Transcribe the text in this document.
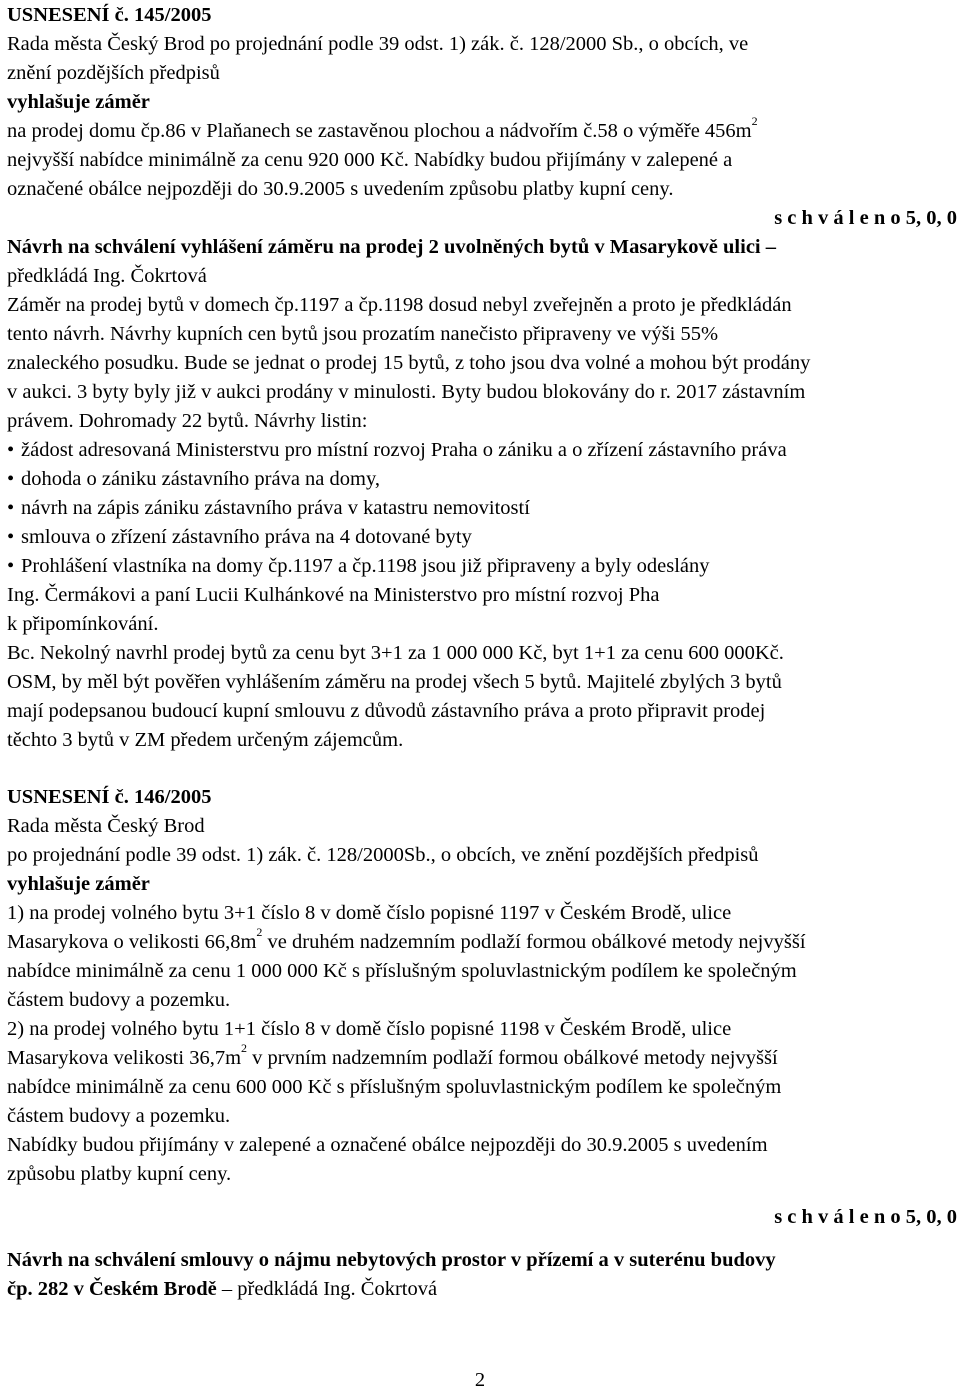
USNESENÍ č. 145/2005
Rada města Český Brod po projednání podle 39 odst. 1) zák. č. 128/2000 Sb., o obcích, ve
znění pozdějších předpisů
vyhlašuje záměr
na prodej domu čp.86 v Plaňanech se zastavěnou plochou a nádvořím č.58 o výměře $456m^2$
nejvyšší nabídce minimálně za cenu 920 000 Kč. Nabídky budou přijímány v zalepené a
označené obálce nejpozději do 30.9.2005 s uvedením způsobu platby kupní ceny.
s c h v á l e n o 5, 0, 0
Návrh na schválení vyhlášení záměru na prodej 2 uvolněných bytů v Masarykově ulici –
předkládá Ing. Čokrtová
Záměr na prodej bytů v domech čp.1197 a čp.1198 dosud nebyl zveřejněn a proto je předkládán
tento návrh. Návrhy kupních cen bytů jsou prozatím nanečisto připraveny ve výši 55%
znaleckého posudku. Bude se jednat o prodej 15 bytů, z toho jsou dva volné a mohou být prodány
v aukci. 3 byty byly již v aukci prodány v minulosti. Byty budou blokovány do r. 2017 zástavním
právem. Dohromady 22 bytů. Návrhy listin:
• žádost adresovaná Ministerstvu pro místní rozvoj Praha o zániku a o zřízení zástavního práva
• dohoda o zániku zástavního práva na domy,
• návrh na zápis zániku zástavního práva v katastru nemovitostí
• smlouva o zřízení zástavního práva na 4 dotované byty
• Prohlášení vlastníka na domy čp.1197 a čp.1198 jsou již připraveny a byly odeslány
Ing. Čermákovi a paní Lucii Kulhánkové na Ministerstvo pro místní rozvoj Pha
k připomínkování.
Bc. Nekolný navrhl prodej bytů za cenu byt 3+1 za 1 000 000 Kč, byt 1+1 za cenu 600 000Kč.
OSM, by měl být pověřen vyhlášením záměru na prodej všech 5 bytů. Majitelé zbylých 3 bytů
mají podepsanou budoucí kupní smlouvu z důvodů zástavního práva a proto připravit prodej
těchto 3 bytů v ZM předem určeným zájemcům.
USNESENÍ č. 146/2005
Rada města Český Brod
po projednání podle 39 odst. 1) zák. č. 128/2000Sb., o obcích, ve znění pozdějších předpisů
vyhlašuje záměr
1) na prodej volného bytu 3+1 číslo 8 v domě číslo popisné 1197 v Českém Brodě, ulice
Masarykova o velikosti $66,8m^2$ ve druhém nadzemním podlaží formou obálkové metody nejvyšší
nabídce minimálně za cenu 1 000 000 Kč s příslušným spoluvlastnickým podílem ke společným
částem budovy a pozemku.
2) na prodej volného bytu 1+1 číslo 8 v domě číslo popisné 1198 v Českém Brodě, ulice
Masarykova velikosti $36,7m^2$ v prvním nadzemním podlaží formou obálkové metody nejvyšší
nabídce minimálně za cenu 600 000 Kč s příslušným spoluvlastnickým podílem ke společným
částem budovy a pozemku.
Nabídky budou přijímány v zalepené a označené obálce nejpozději do 30.9.2005 s uvedením
způsobu platby kupní ceny.
s c h v á l e n o 5, 0, 0
Návrh na schválení smlouvy o nájmu nebytových prostor v přízemí a v suterénu budovy
čp. 282 v Českém Brodě – předkládá Ing. Čokrtová
2
